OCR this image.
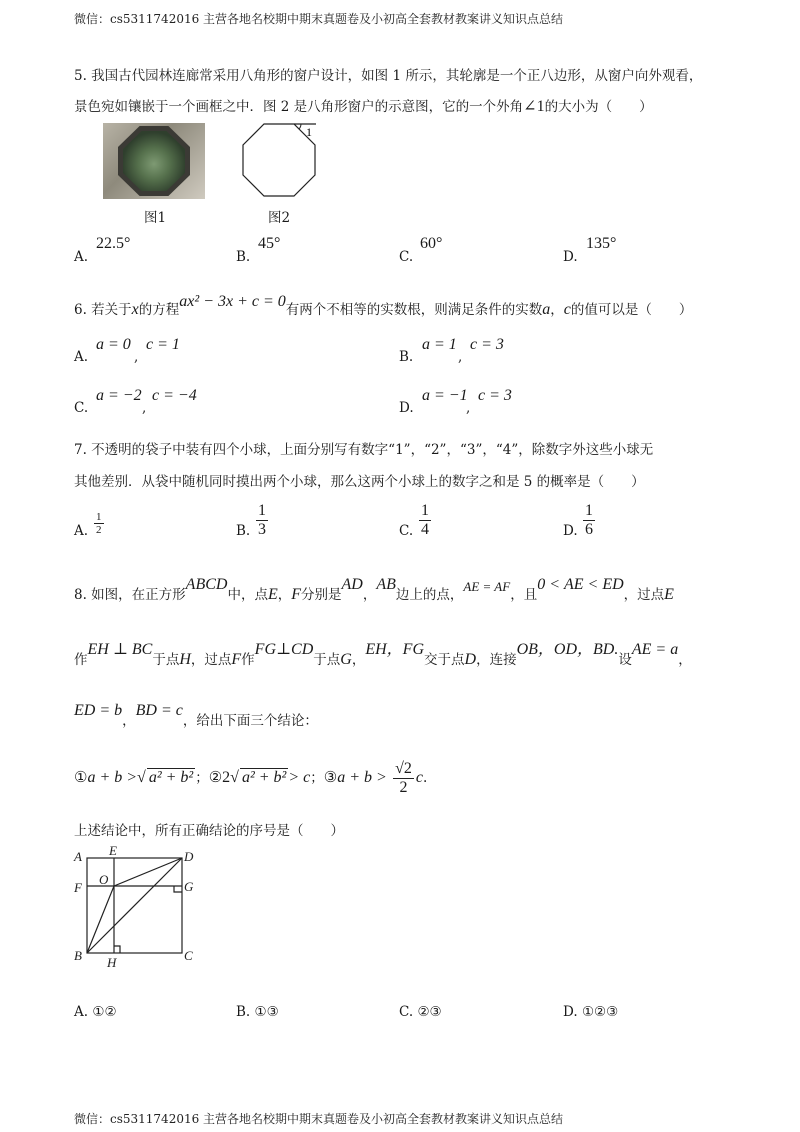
微信：cs5311742016 主营各地名校期中期末真题卷及小初高全套教材教案讲义知识点总结
5. 我国古代园林连廊常采用八角形的窗户设计，如图 1 所示，其轮廓是一个正八边形，从窗户向外观看，
景色宛如镶嵌于一个画框之中．图 2 是八角形窗户的示意图，它的一个外角∠1的大小为（　　）
图1
1
图2
A.
22.5°
B.
45°
C.
60°
D.
135°
6. 若关于x的方程ax² − 3x + c = 0有两个不相等的实数根，则满足条件的实数a，c的值可以是（　　）
A.
a = 0
,
c = 1
B.
a = 1
,
c = 3
C.
a = −2
,
c = −4
D.
a = −1
,
c = 3
7. 不透明的袋子中装有四个小球，上面分别写有数字“1”，“2”，“3”，“4”，除数字外这些小球无
其他差别．从袋中随机同时摸出两个小球，那么这两个小球上的数字之和是 5 的概率是（　　）
A. $\frac{1}{2}$	B. $\frac{1}{3}$	C. $\frac{1}{4}$	D. $\frac{1}{6}$
8. 如图，在正方形ABCD中，点E，F分别是AD，AB边上的点，AE = AF，且0 < AE < ED，过点E
作EH ⊥ BC于点H，过点F作FG⊥CD于点G，EH，FG交于点D，连接OB，OD，BD.设AE = a，
ED = b，BD = c，给出下面三个结论：
①a + b >√ a² + b² ；②2√ a² + b² > c；③a + $b > \frac{√2}{2} c$.
上述结论中，所有正确结论的序号是（　　）
A E	D
F
O	G
B H	C
A. ①②	B. ①③	C. ②③	D. ①②③
微信：cs5311742016 主营各地名校期中期末真题卷及小初高全套教材教案讲义知识点总结
